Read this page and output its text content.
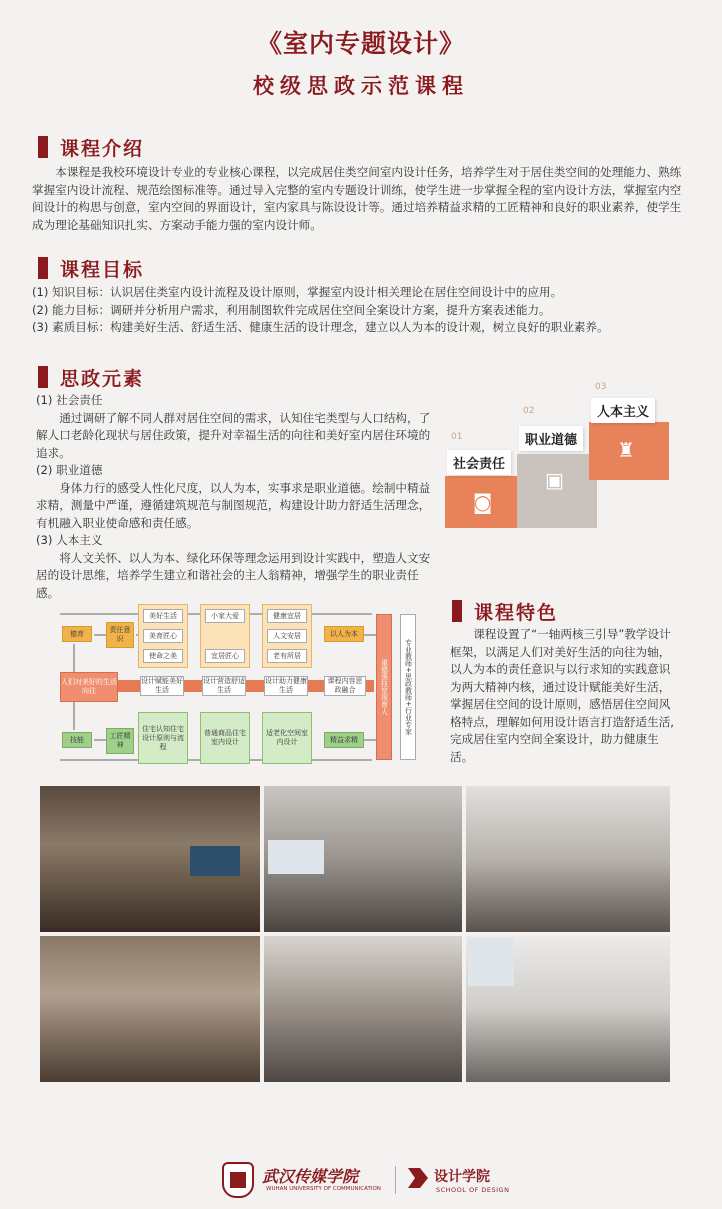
《室内专题设计》
校级思政示范课程
课程介绍

本课程是我校环境设计专业的专业核心课程，以完成居住类空间室内设计任务，培养学生对于居住类空间的处理能力、熟练掌握室内设计流程、规范绘图标准等。通过导入完整的室内专题设计训练，使学生进一步掌握全程的室内设计方法，掌握室内空间设计的构思与创意，室内空间的界面设计，室内家具与陈设设计等。通过培养精益求精的工匠精神和良好的职业素养，使学生成为理论基础知识扎实、方案动手能力强的室内设计师。

课程目标
(1) 知识目标：认识居住类室内设计流程及设计原则，掌握室内设计相关理论在居住空间设计中的应用。
(2) 能力目标：调研并分析用户需求，利用制图软件完成居住空间全案设计方案，提升方案表述能力。
(3) 素质目标：构建美好生活、舒适生活、健康生活的设计理念，建立以人为本的设计观，树立良好的职业素养。
思政元素
(1) 社会责任

通过调研了解不同人群对居住空间的需求，认知住宅类型与人口结构，了解人口老龄化现状与居住政策，提升对幸福生活的向往和美好室内居住环境的追求。

(2) 职业道德

身体力行的感受人性化尺度，以人为本，实事求是职业道德。绘制中精益求精，测量中严谨，遵循建筑规范与制图规范，构建设计助力舒适生活理念，有机融入职业使命感和责任感。

(3) 人本主义

将人文关怀、以人为本、绿化环保等理念运用到设计实践中，塑造人文安居的设计思维，培养学生建立和谐社会的主人翁精神，增强学生的职业责任感。

01
社会责任
◙
02
职业道德
▣
03
人本主义
♜
德育
人们对美好的生活向往
技能
责任意识
工匠精神
美好生活
美育匠心
使命之美
小家大爱
宜居匠心
健康宜居
人文安居
老有所居
设计赋能美好生活
设计营造舒适生活
设计助力健康生活
课程内容思政融合
住宅认知住宅设计原则与流程
普通商品住宅室内设计
适老化空间室内设计
以人为本
精益求精
重德强技宽视育人	专业教师+思政教师+行业专家
课程特色

课程设置了“一轴两核三引导”教学设计框架，以满足人们对美好生活的向往为轴，以人为本的责任意识与以行求知的实践意识为两大精神内核，通过设计赋能美好生活，掌握居住空间的设计原则，感悟居住空间风格特点，理解如何用设计语言打造舒适生活,完成居住室内空间全案设计，助力健康生活。

武汉传媒学院
WUHAN UNIVERSITY OF COMMUNICATION
设计学院
SCHOOL OF DESIGN
